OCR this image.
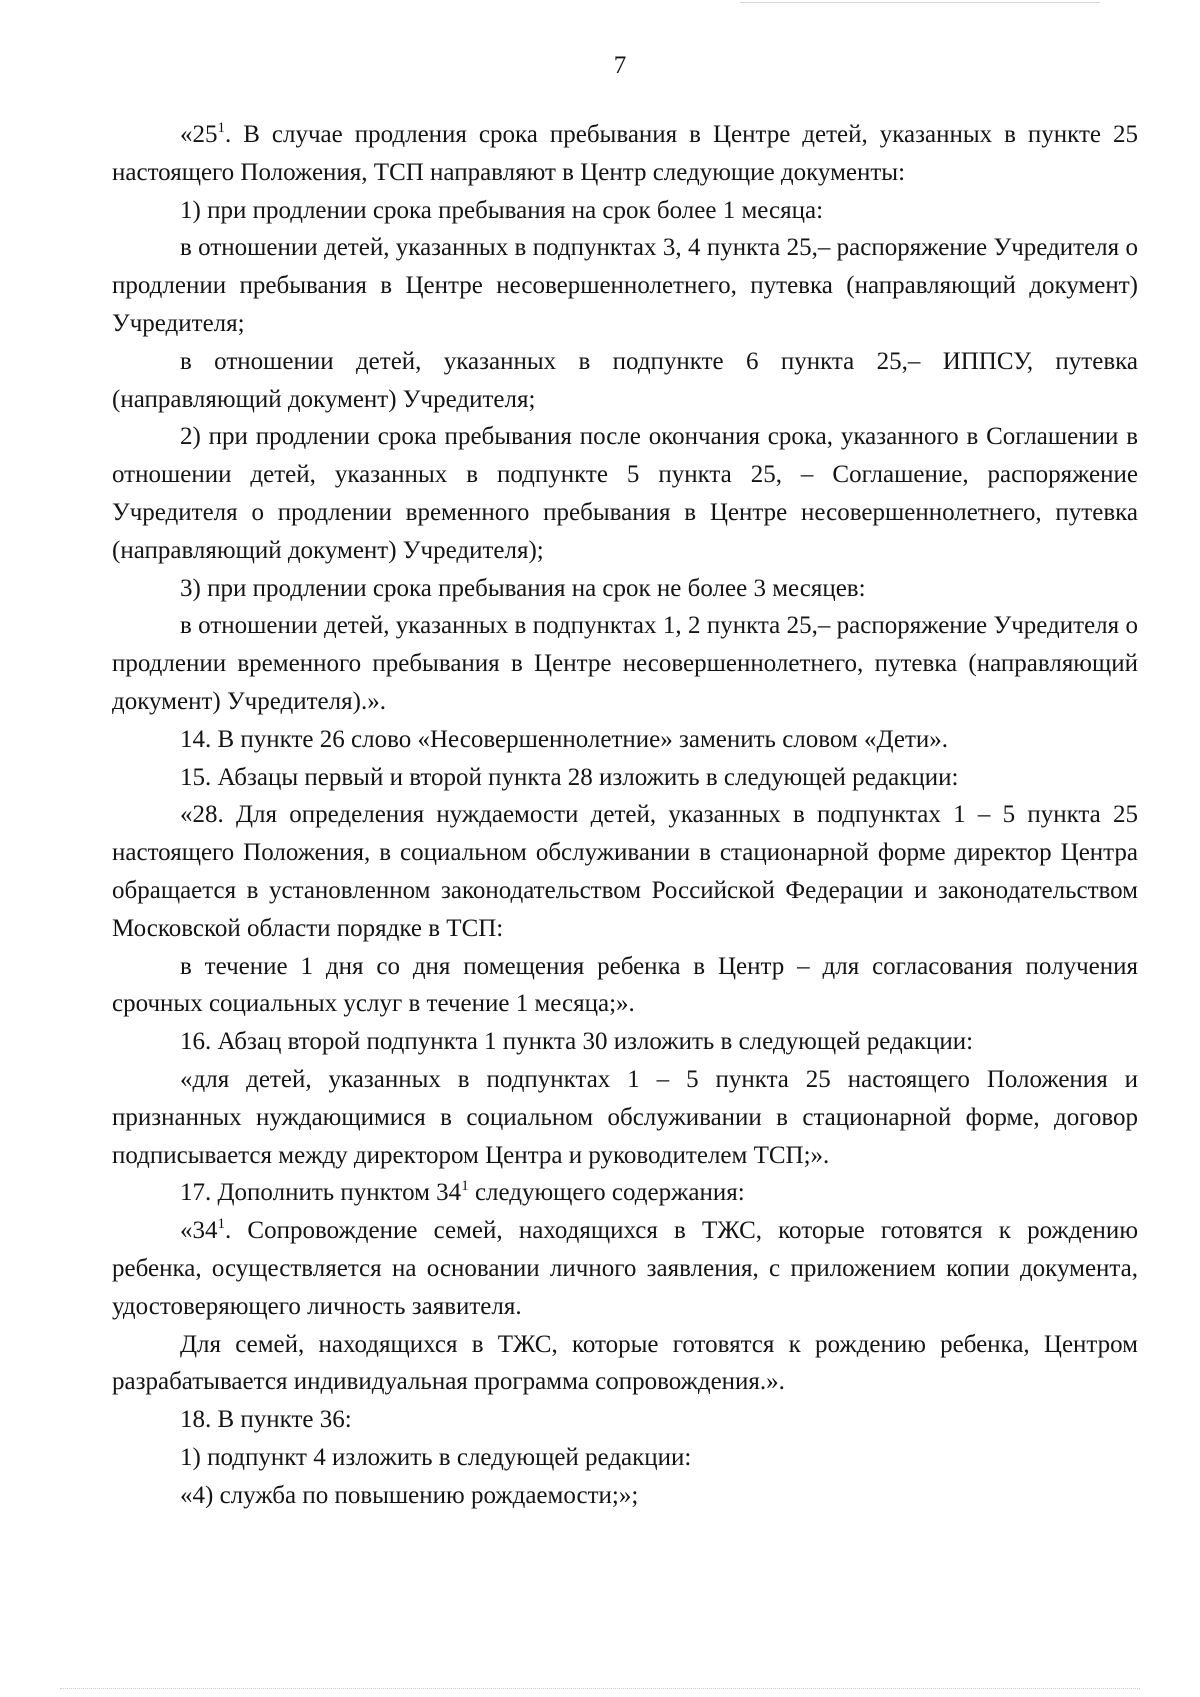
7

«$25^1$. В случае продления срока пребывания в Центре детей, указанных в пункте 25 настоящего Положения, ТСП направляют в Центр следующие документы:

1) при продлении срока пребывания на срок более 1 месяца:

в отношении детей, указанных в подпунктах 3, 4 пункта 25,– распоряжение Учредителя о продлении пребывания в Центре несовершеннолетнего, путевка (направляющий документ) Учредителя;

в отношении детей, указанных в подпункте 6 пункта 25,– ИППСУ, путевка (направляющий документ) Учредителя;

2) при продлении срока пребывания после окончания срока, указанного в Соглашении в отношении детей, указанных в подпункте 5 пункта 25, – Соглашение, распоряжение Учредителя о продлении временного пребывания в Центре несовершеннолетнего, путевка (направляющий документ) Учредителя);

3) при продлении срока пребывания на срок не более 3 месяцев:

в отношении детей, указанных в подпунктах 1, 2 пункта 25,– распоряжение Учредителя о продлении временного пребывания в Центре несовершеннолетнего, путевка (направляющий документ) Учредителя).».

14. В пункте 26 слово «Несовершеннолетние» заменить словом «Дети».

15. Абзацы первый и второй пункта 28 изложить в следующей редакции:

«28. Для определения нуждаемости детей, указанных в подпунктах 1 – 5 пункта 25 настоящего Положения, в социальном обслуживании в стационарной форме директор Центра обращается в установленном законодательством Российской Федерации и законодательством Московской области порядке в ТСП:

в течение 1 дня со дня помещения ребенка в Центр – для согласования получения срочных социальных услуг в течение 1 месяца;».

16. Абзац второй подпункта 1 пункта 30 изложить в следующей редакции:

«для детей, указанных в подпунктах 1 – 5 пункта 25 настоящего Положения и признанных нуждающимися в социальном обслуживании в стационарной форме, договор подписывается между директором Центра и руководителем ТСП;».

17. Дополнить пунктом $34^1$ следующего содержания:

«$34^1$. Сопровождение семей, находящихся в ТЖС, которые готовятся к рождению ребенка, осуществляется на основании личного заявления, с приложением копии документа, удостоверяющего личность заявителя.

Для семей, находящихся в ТЖС, которые готовятся к рождению ребенка, Центром разрабатывается индивидуальная программа сопровождения.».

18. В пункте 36:

1) подпункт 4 изложить в следующей редакции:

«4) служба по повышению рождаемости;»;
